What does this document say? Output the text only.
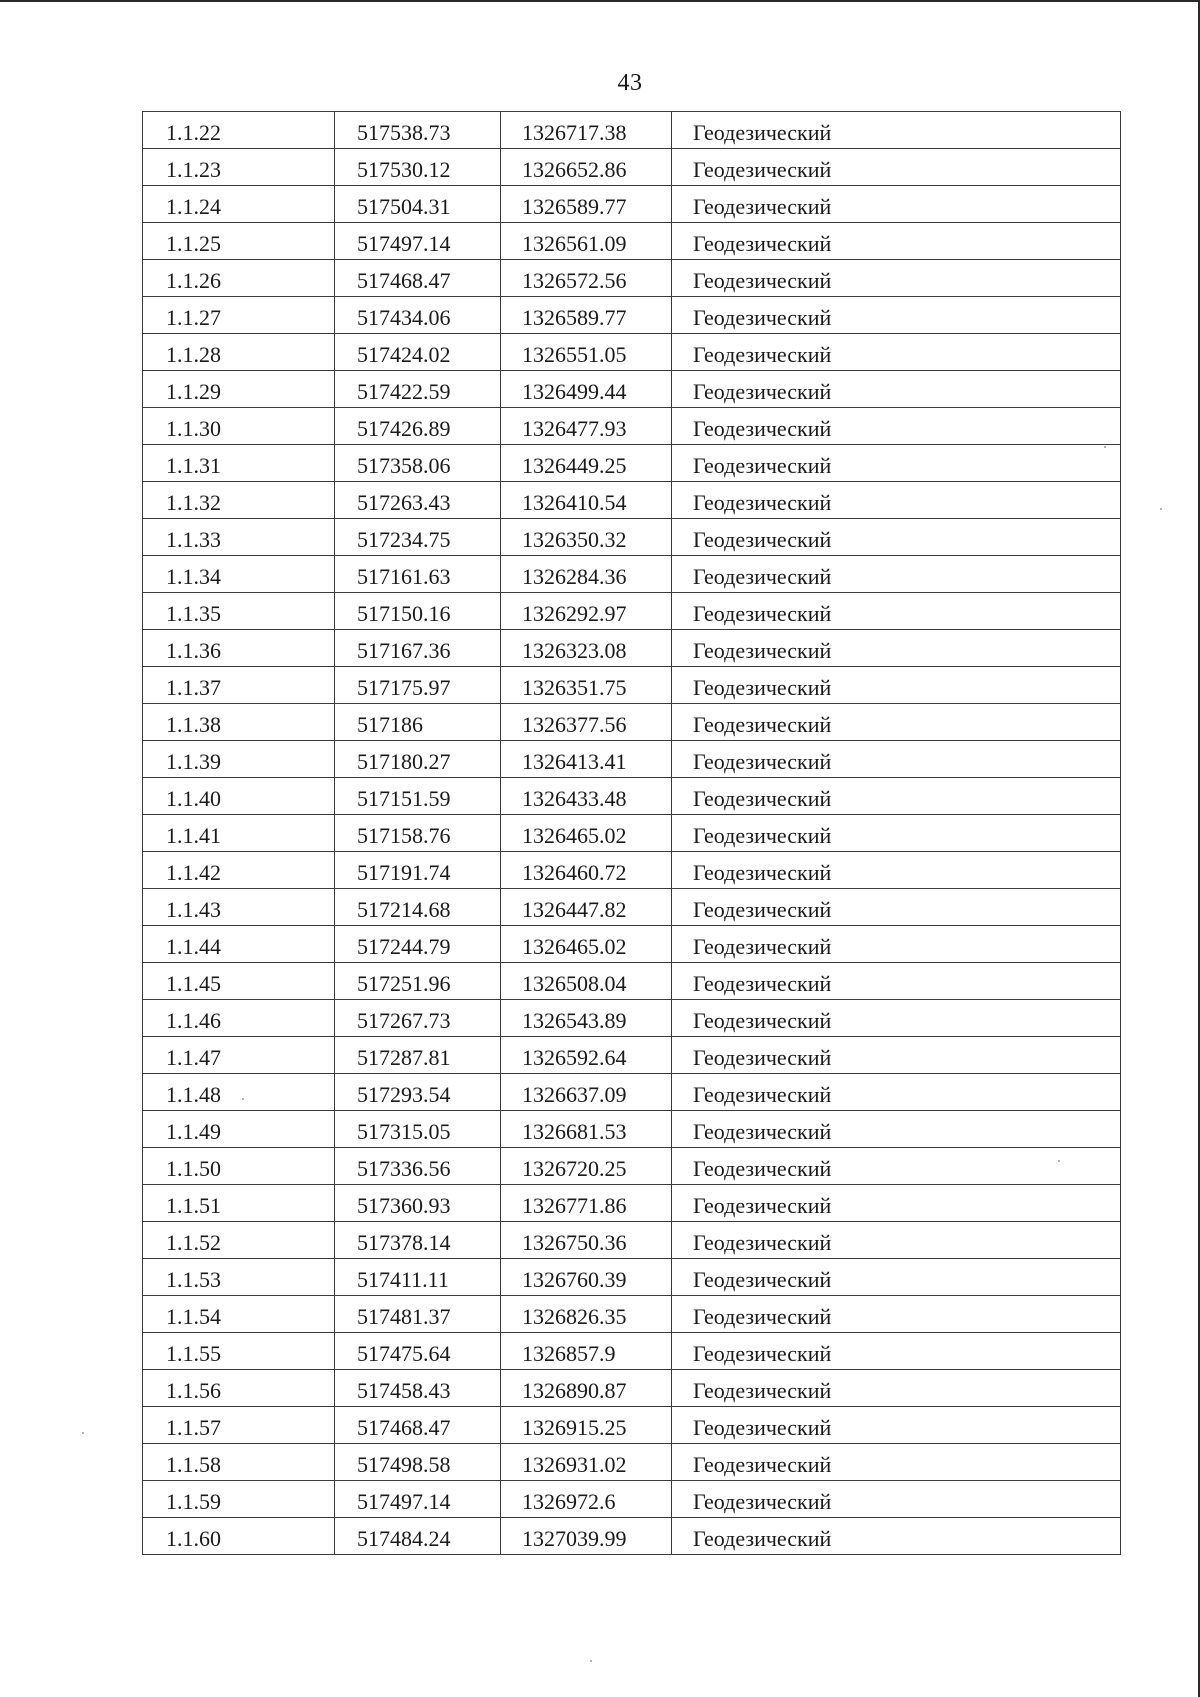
43
1.1.22	517538.73	1326717.38	Геодезический
1.1.23	517530.12	1326652.86	Геодезический
1.1.24	517504.31	1326589.77	Геодезический
1.1.25	517497.14	1326561.09	Геодезический
1.1.26	517468.47	1326572.56	Геодезический
1.1.27	517434.06	1326589.77	Геодезический
1.1.28	517424.02	1326551.05	Геодезический
1.1.29	517422.59	1326499.44	Геодезический
1.1.30	517426.89	1326477.93	Геодезический
1.1.31	517358.06	1326449.25	Геодезический
1.1.32	517263.43	1326410.54	Геодезический
1.1.33	517234.75	1326350.32	Геодезический
1.1.34	517161.63	1326284.36	Геодезический
1.1.35	517150.16	1326292.97	Геодезический
1.1.36	517167.36	1326323.08	Геодезический
1.1.37	517175.97	1326351.75	Геодезический
1.1.38	517186	1326377.56	Геодезический
1.1.39	517180.27	1326413.41	Геодезический
1.1.40	517151.59	1326433.48	Геодезический
1.1.41	517158.76	1326465.02	Геодезический
1.1.42	517191.74	1326460.72	Геодезический
1.1.43	517214.68	1326447.82	Геодезический
1.1.44	517244.79	1326465.02	Геодезический
1.1.45	517251.96	1326508.04	Геодезический
1.1.46	517267.73	1326543.89	Геодезический
1.1.47	517287.81	1326592.64	Геодезический
1.1.48	517293.54	1326637.09	Геодезический
1.1.49	517315.05	1326681.53	Геодезический
1.1.50	517336.56	1326720.25	Геодезический
1.1.51	517360.93	1326771.86	Геодезический
1.1.52	517378.14	1326750.36	Геодезический
1.1.53	517411.11	1326760.39	Геодезический
1.1.54	517481.37	1326826.35	Геодезический
1.1.55	517475.64	1326857.9	Геодезический
1.1.56	517458.43	1326890.87	Геодезический
1.1.57	517468.47	1326915.25	Геодезический
1.1.58	517498.58	1326931.02	Геодезический
1.1.59	517497.14	1326972.6	Геодезический
1.1.60	517484.24	1327039.99	Геодезический
